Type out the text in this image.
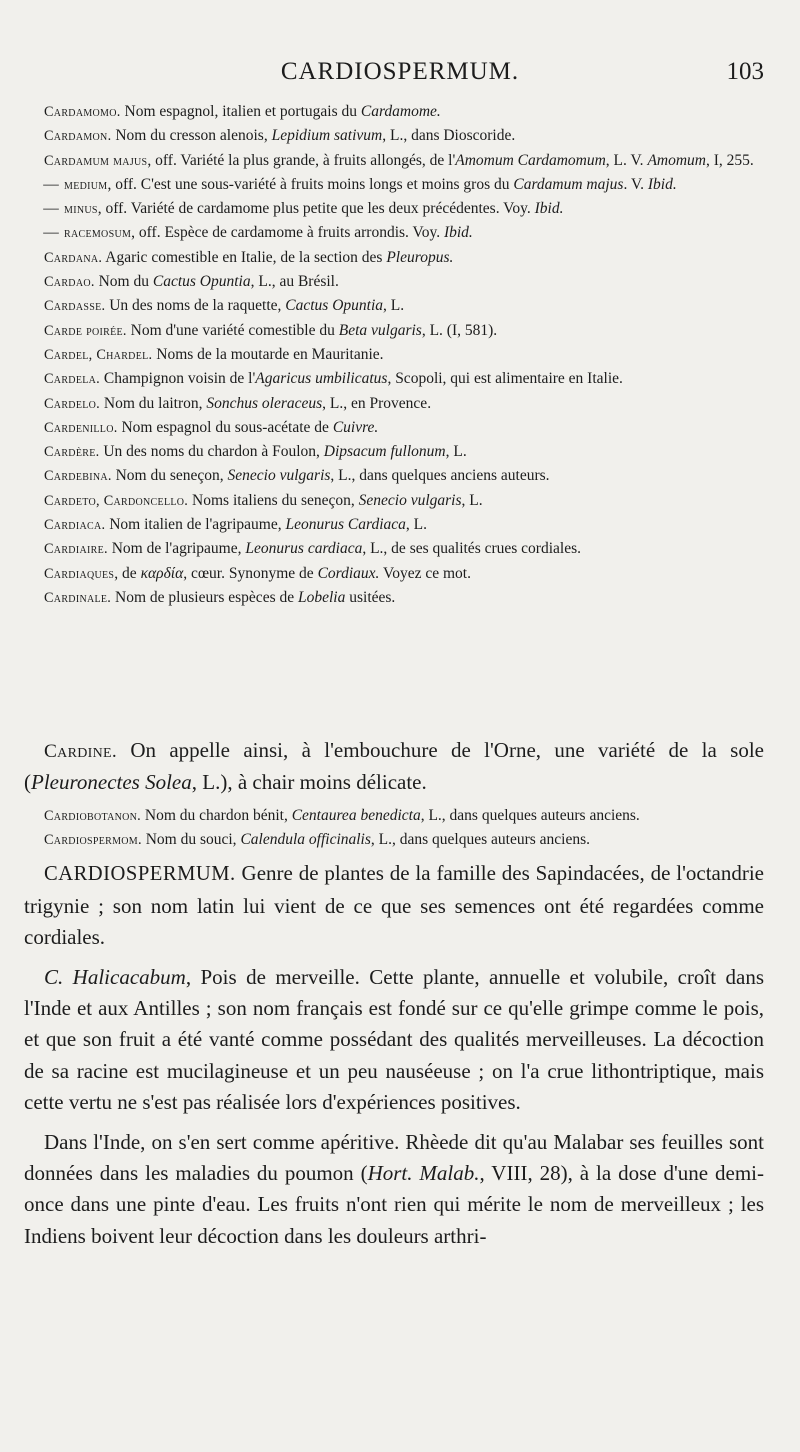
CARDIOSPERMUM.	103

Cardamomo. Nom espagnol, italien et portugais du Cardamome.

Cardamon. Nom du cresson alenois, Lepidium sativum, L., dans Dioscoride.

Cardamum majus, off. Variété la plus grande, à fruits allongés, de l'Amomum Cardamomum, L. V. Amomum, I, 255.

— medium, off. C'est une sous-variété à fruits moins longs et moins gros du Cardamum majus. V. Ibid.

— minus, off. Variété de cardamome plus petite que les deux précédentes. Voy. Ibid.

— racemosum, off. Espèce de cardamome à fruits arrondis. Voy. Ibid.

Cardana. Agaric comestible en Italie, de la section des Pleuropus.

Cardao. Nom du Cactus Opuntia, L., au Brésil.

Cardasse. Un des noms de la raquette, Cactus Opuntia, L.

Carde poirée. Nom d'une variété comestible du Beta vulgaris, L. (I, 581).

Cardel, Chardel. Noms de la moutarde en Mauritanie.

Cardela. Champignon voisin de l'Agaricus umbilicatus, Scopoli, qui est alimentaire en Italie.

Cardelo. Nom du laitron, Sonchus oleraceus, L., en Provence.

Cardenillo. Nom espagnol du sous-acétate de Cuivre.

Cardère. Un des noms du chardon à Foulon, Dipsacum fullonum, L.

Cardebina. Nom du seneçon, Senecio vulgaris, L., dans quelques anciens auteurs.

Cardeto, Cardoncello. Noms italiens du seneçon, Senecio vulgaris, L.

Cardiaca. Nom italien de l'agripaume, Leonurus Cardiaca, L.

Cardiaire. Nom de l'agripaume, Leonurus cardiaca, L., de ses qualités crues cordiales.

Cardiaques, de καρδία, cœur. Synonyme de Cordiaux. Voyez ce mot.

Cardinale. Nom de plusieurs espèces de Lobelia usitées.

Cardine. On appelle ainsi, à l'embouchure de l'Orne, une variété de la sole (Pleuronectes Solea, L.), à chair moins délicate.

Cardiobotanon. Nom du chardon bénit, Centaurea benedicta, L., dans quelques auteurs anciens.

Cardiospermom. Nom du souci, Calendula officinalis, L., dans quelques auteurs anciens.

CARDIOSPERMUM. Genre de plantes de la famille des Sapindacées, de l'octandrie trigynie ; son nom latin lui vient de ce que ses semences ont été regardées comme cordiales.

C. Halicacabum, Pois de merveille. Cette plante, annuelle et volubile, croît dans l'Inde et aux Antilles ; son nom français est fondé sur ce qu'elle grimpe comme le pois, et que son fruit a été vanté comme possédant des qualités merveilleuses. La décoction de sa racine est mucilagineuse et un peu nauséeuse ; on l'a crue lithontriptique, mais cette vertu ne s'est pas réalisée lors d'expériences positives.

Dans l'Inde, on s'en sert comme apéritive. Rhèede dit qu'au Malabar ses feuilles sont données dans les maladies du poumon (Hort. Malab., VIII, 28), à la dose d'une demi-once dans une pinte d'eau. Les fruits n'ont rien qui mérite le nom de merveilleux ; les Indiens boivent leur décoction dans les douleurs arthri-
